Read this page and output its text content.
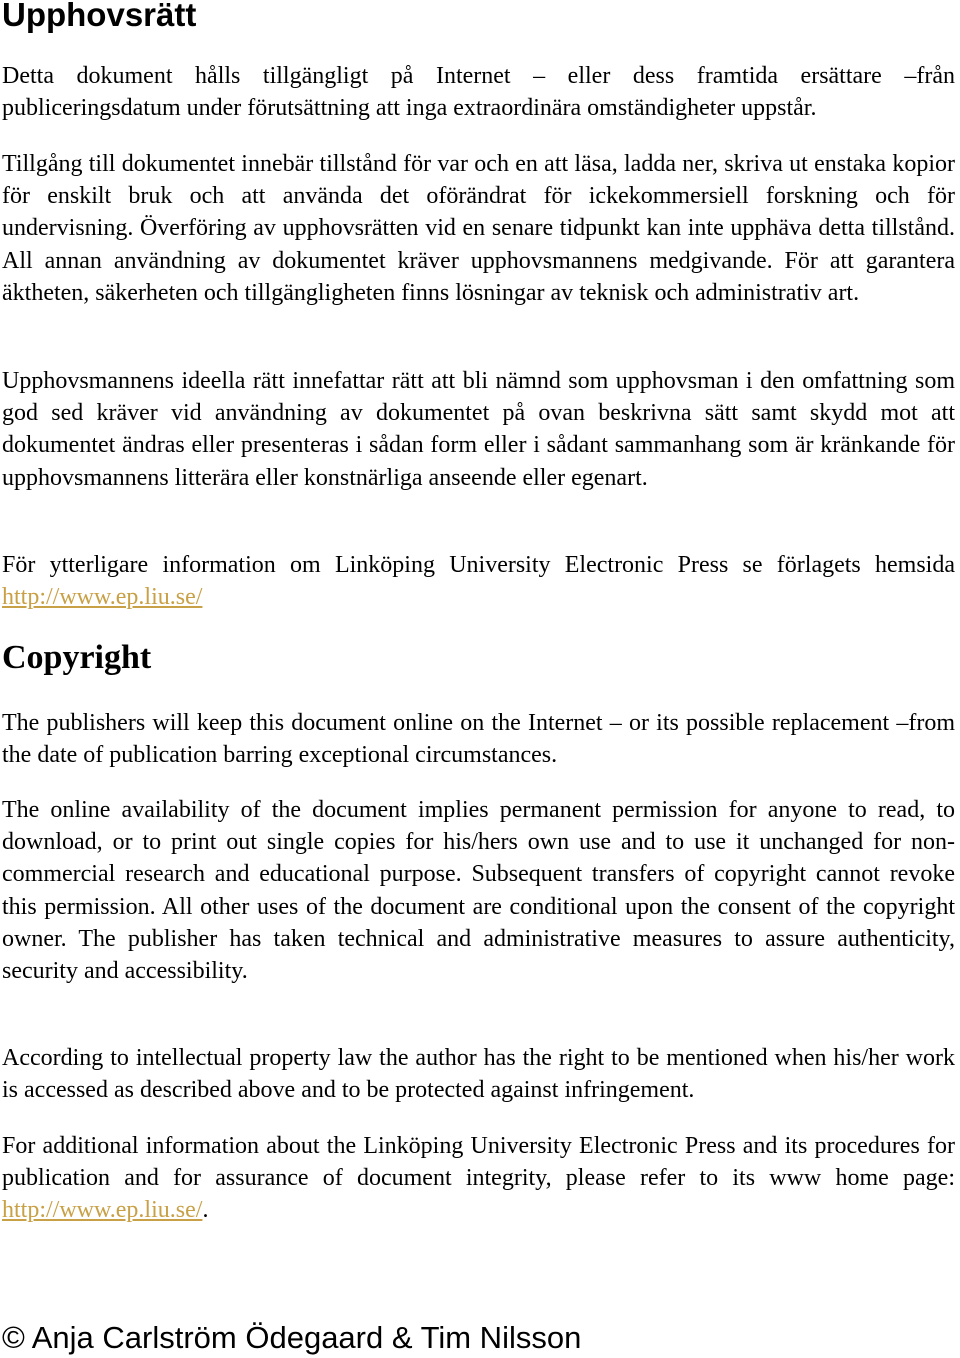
Upphovsrätt

Detta dokument hålls tillgängligt på Internet – eller dess framtida ersättare –från publiceringsdatum under förutsättning att inga extraordinära omständigheter uppstår.

Tillgång till dokumentet innebär tillstånd för var och en att läsa, ladda ner, skriva ut enstaka kopior för enskilt bruk och att använda det oförändrat för ickekommersiell forskning och för undervisning. Överföring av upphovsrätten vid en senare tidpunkt kan inte upphäva detta tillstånd. All annan användning av dokumentet kräver upphovsmannens medgivande. För att garantera äktheten, säkerheten och tillgängligheten finns lösningar av teknisk och administrativ art.

Upphovsmannens ideella rätt innefattar rätt att bli nämnd som upphovsman i den omfattning som god sed kräver vid användning av dokumentet på ovan beskrivna sätt samt skydd mot att dokumentet ändras eller presenteras i sådan form eller i sådant sammanhang som är kränkande för upphovsmannens litterära eller konstnärliga anseende eller egenart.

För ytterligare information om Linköping University Electronic Press se förlagets hemsida http://www.ep.liu.se/

Copyright

The publishers will keep this document online on the Internet – or its possible replacement –from the date of publication barring exceptional circumstances.

The online availability of the document implies permanent permission for anyone to read, to download, or to print out single copies for his/hers own use and to use it unchanged for non-commercial research and educational purpose. Subsequent transfers of copyright cannot revoke this permission. All other uses of the document are conditional upon the consent of the copyright owner. The publisher has taken technical and administrative measures to assure authenticity, security and accessibility.

According to intellectual property law the author has the right to be mentioned when his/her work is accessed as described above and to be protected against infringement.

For additional information about the Linköping University Electronic Press and its procedures for publication and for assurance of document integrity, please refer to its www home page: http://www.ep.liu.se/.

© Anja Carlström Ödegaard & Tim Nilsson
